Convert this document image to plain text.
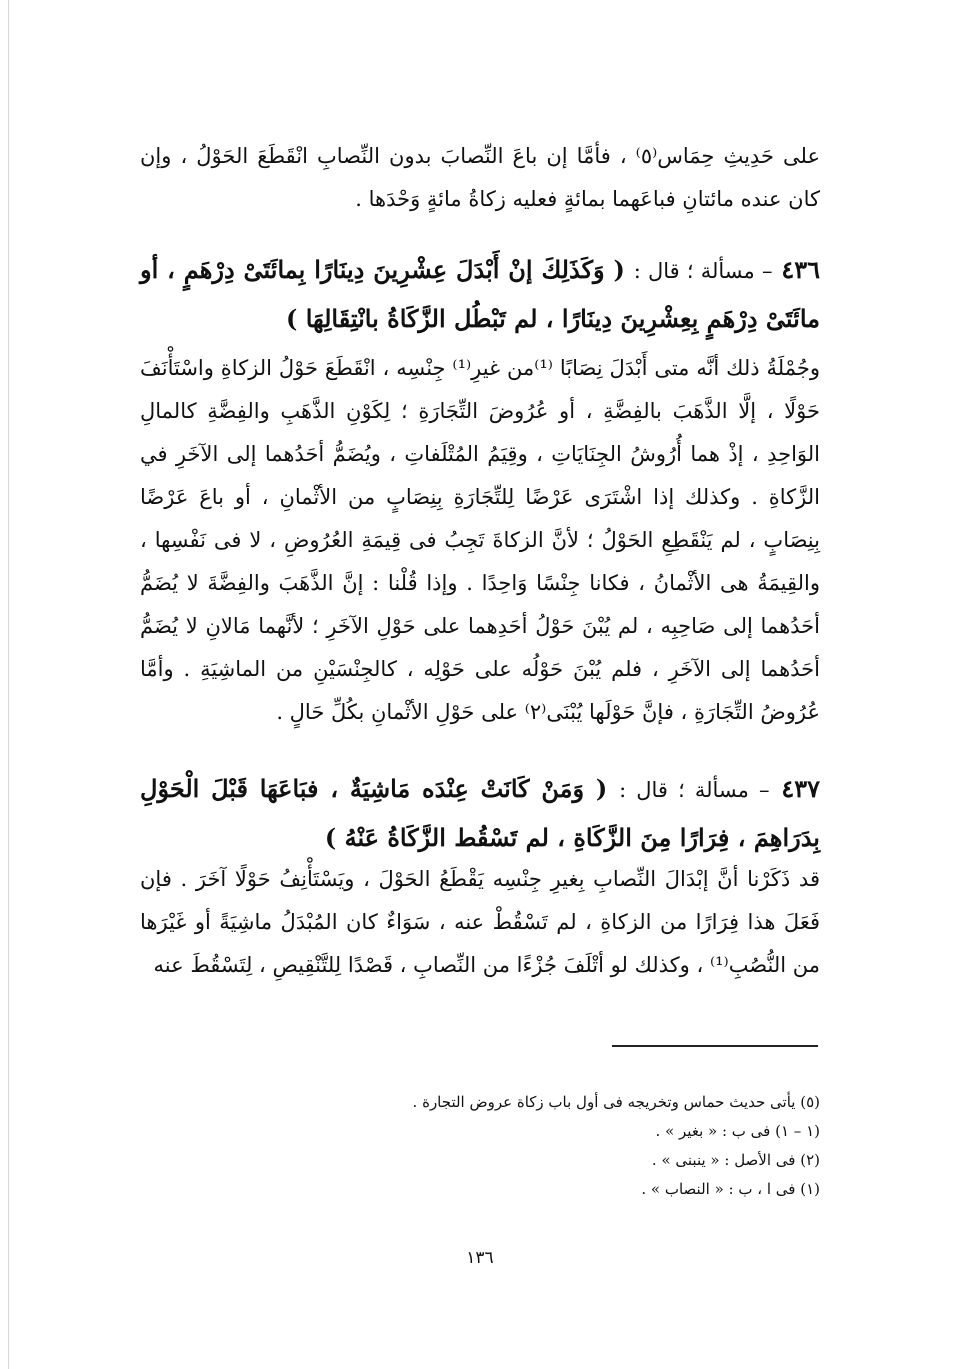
على حَدِيثِ حِمَاس⁽٥⁾ ، فأمَّا إن باعَ النِّصابَ بدون النِّصابِ انْقَطَعَ الحَوْلُ ، وإن كان عنده مائتانِ فباعَهما بمائةٍ فعليه زكاةُ مائةٍ وَحْدَها .

٤٣٦ – مسألة ؛ قال : ( وَكَذَلِكَ إنْ أَبْدَلَ عِشْرِينَ دِينَارًا بِمائَتَىْ دِرْهَمٍ ، أو مائَتَىْ دِرْهَمٍ بِعِشْرِينَ دِينَارًا ، لم تَبْطُل الزَّكَاةُ بانْتِقَالِهَا )

وجُمْلَةُ ذلك أنَّه متى أَبْدَلَ نِصَابًا ⁽¹⁾من غيرِ⁽¹⁾ جِنْسِه ، انْقَطَعَ حَوْلُ الزكاةِ واسْتَأْنَفَ حَوْلًا ، إلَّا الذَّهَبَ بالفِضَّةِ ، أو عُرُوضَ التِّجَارَةِ ؛ لِكَوْنِ الذَّهَبِ والفِضَّةِ كالمالِ الوَاحِدِ ، إذْ هما أُرُوشُ الجِنَايَاتِ ، وقِيَمُ المُتْلَفاتِ ، ويُضَمُّ أحَدُهما إلى الآخَرِ في الزَّكاةِ . وكذلك إذا اشْتَرَى عَرْضًا لِلتِّجَارَةِ بِنِصَابٍ من الأثْمانِ ، أو باعَ عَرْضًا بِنِصَابٍ ، لم يَنْقَطِعِ الحَوْلُ ؛ لأنَّ الزكاةَ تَجِبُ فى قِيمَةِ العُرُوضِ ، لا فى نَفْسِها ، والقِيمَةُ هى الأثْمانُ ، فكانا جِنْسًا وَاحِدًا . وإذا قُلْنا : إنَّ الذَّهَبَ والفِضَّةَ لا يُضَمُّ أحَدُهما إلى صَاحِبِه ، لم يُبْنَ حَوْلُ أحَدِهما على حَوْلِ الآخَرِ ؛ لأنَّهما مَالانِ لا يُضَمُّ أحَدُهما إلى الآخَرِ ، فلم يُبْنَ حَوْلُه على حَوْلِه ، كالجِنْسَيْنِ من الماشِيَةِ . وأمَّا عُرُوضُ التِّجَارَةِ ، فإنَّ حَوْلَها يُبْنَى⁽٢⁾ على حَوْلِ الأثْمانِ بكُلِّ حَالٍ .

٤٣٧ – مسألة ؛ قال : ( وَمَنْ كَانَتْ عِنْدَه مَاشِيَةٌ ، فبَاعَهَا قَبْلَ الْحَوْلِ بِدَرَاهِمَ ، فِرَارًا مِنَ الزَّكَاةِ ، لم تَسْقُط الزَّكَاةُ عَنْهُ )

قد ذَكَرْنا أنَّ إبْدَالَ النِّصابِ بِغيرِ جِنْسِه يَقْطَعُ الحَوْلَ ، ويَسْتَأْنِفُ حَوْلًا آخَرَ . فإن فَعَلَ هذا فِرَارًا من الزكاةِ ، لم تَسْقُطْ عنه ، سَوَاءٌ كان المُبْدَلُ ماشِيَةً أو غَيْرَها من النُّصُبِ⁽¹⁾ ، وكذلك لو أتْلَفَ جُزْءًا من النِّصابِ ، قَصْدًا لِلتَّنْقِيصِ ، لِتَسْقُطَ عنه

(٥) يأتى حديث حماس وتخريجه فى أول باب زكاة عروض التجارة .
(١ – ١) فى ب : « بغير » .
(٢) فى الأصل : « ينبنى » .
(١) فى ا ، ب : « النصاب » .
١٣٦
